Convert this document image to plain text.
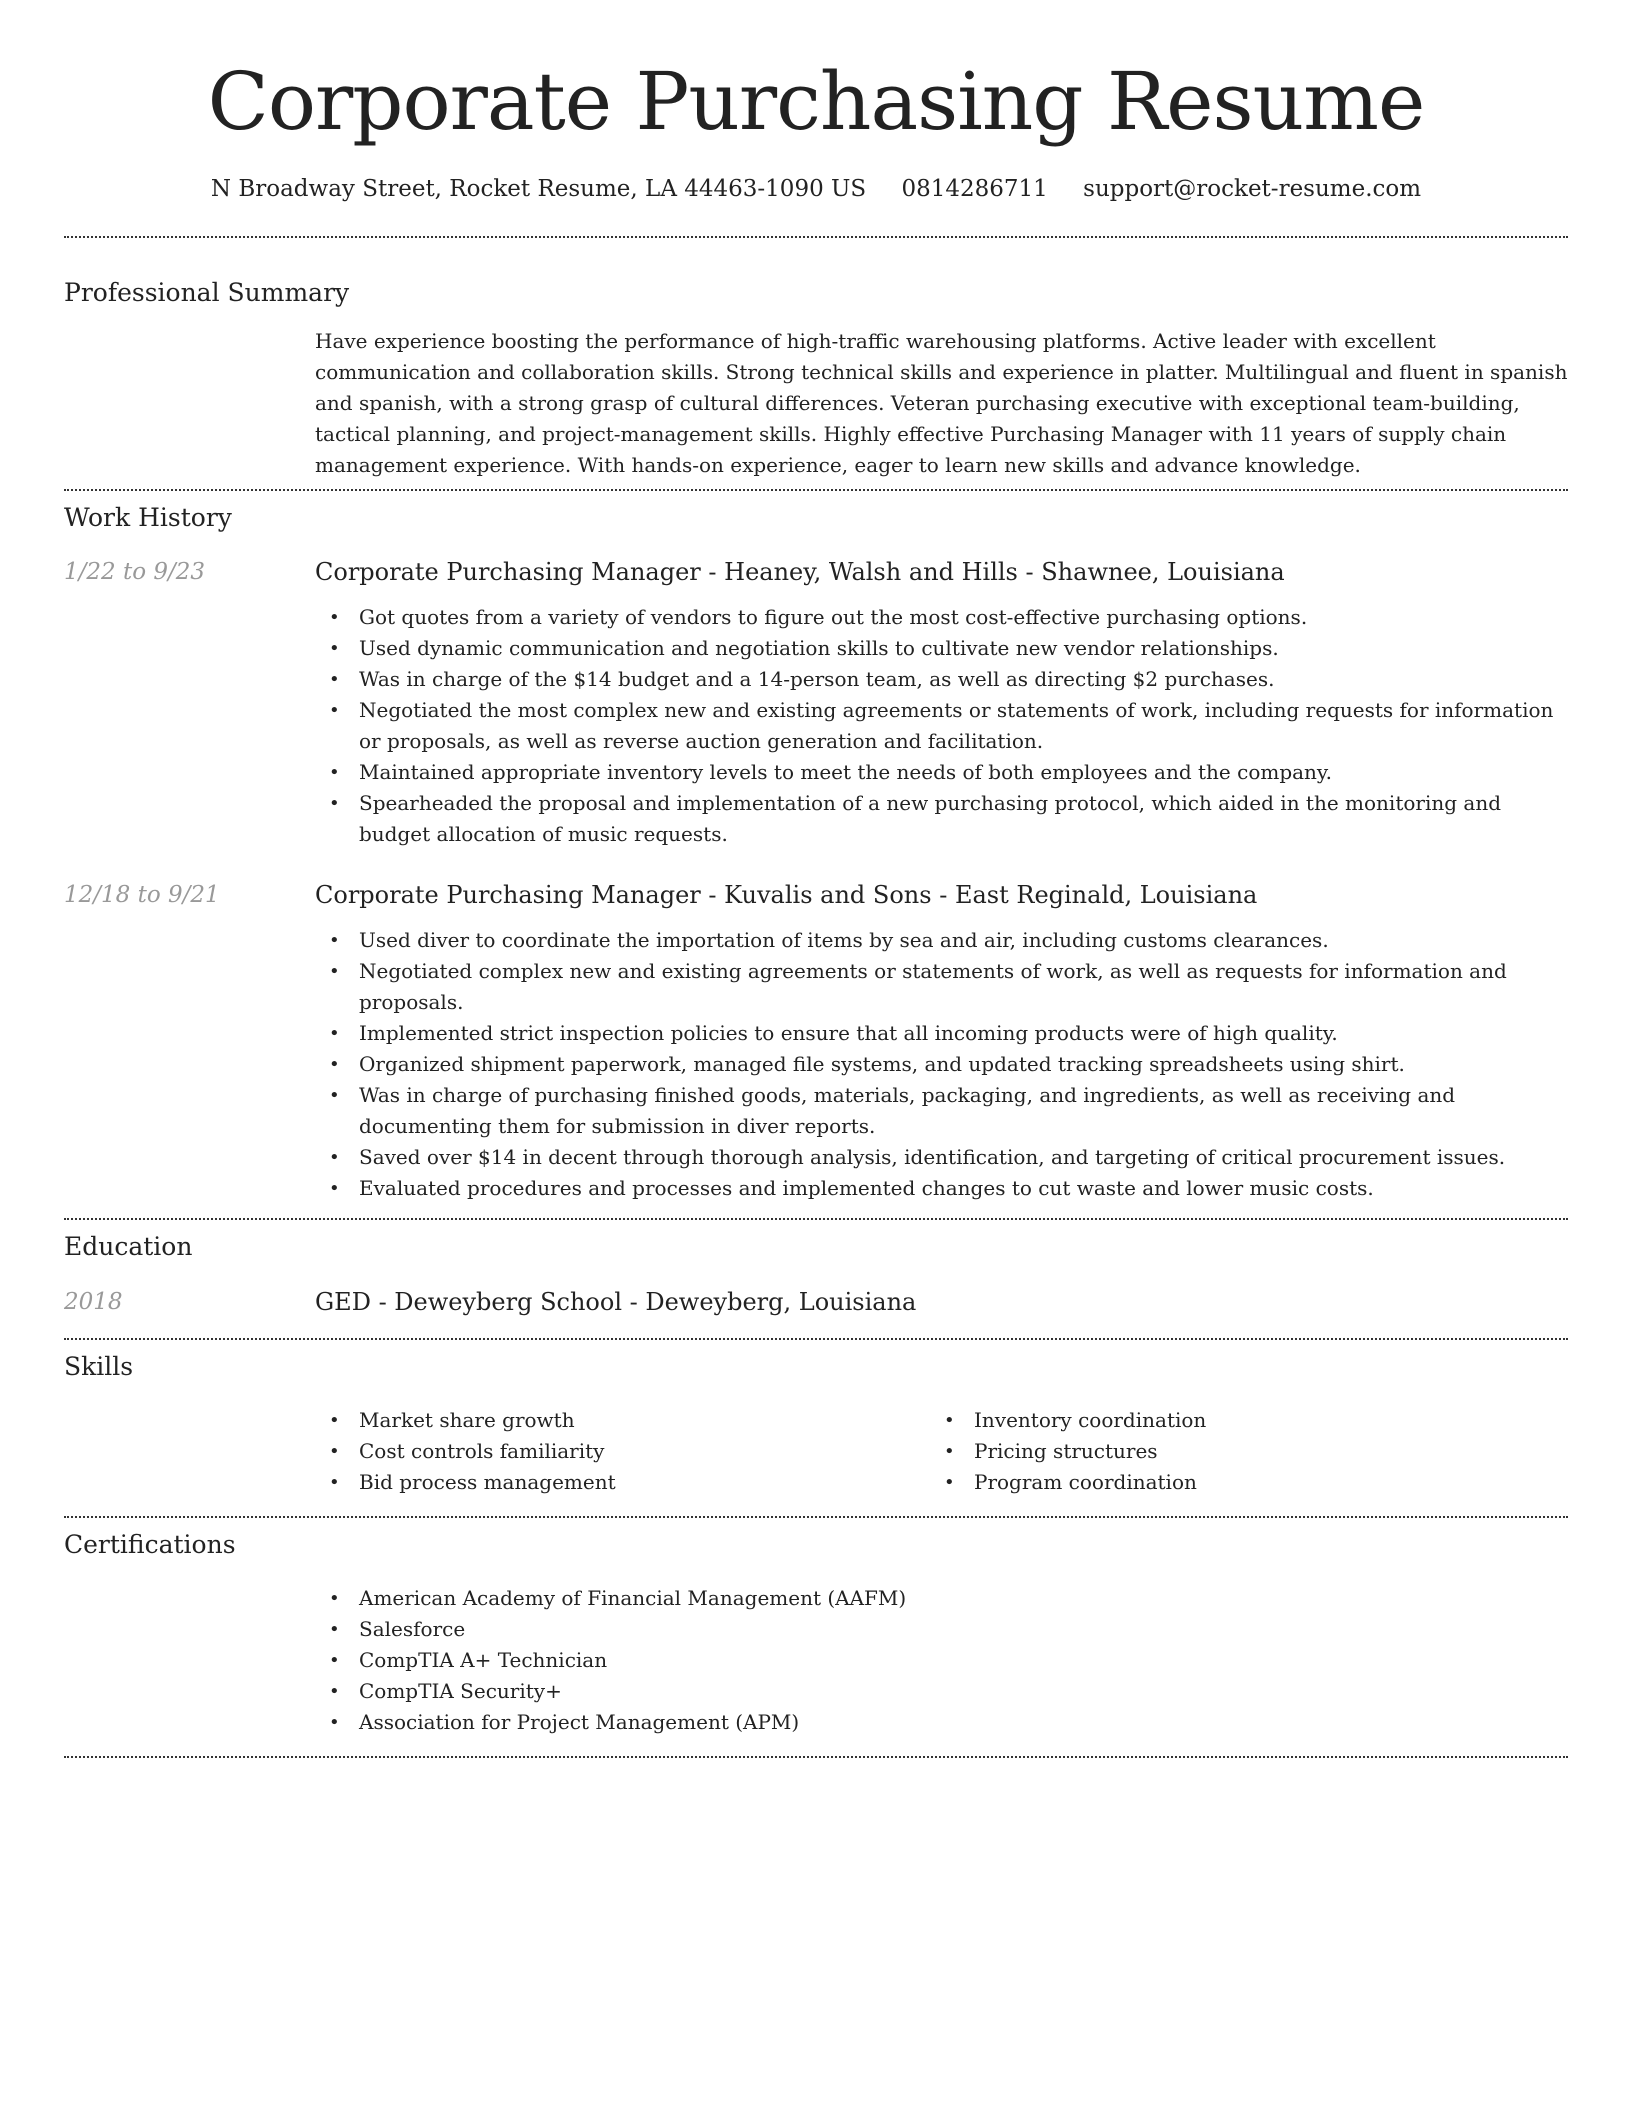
Corporate Purchasing Resume
N Broadway Street, Rocket Resume, LA 44463-1090 US 0814286711 support@rocket-resume.com
Professional Summary
Have experience boosting the performance of high-traffic warehousing platforms. Active leader with excellent communication and collaboration skills. Strong technical skills and experience in platter. Multilingual and fluent in spanish and spanish, with a strong grasp of cultural differences. Veteran purchasing executive with exceptional team-building, tactical planning, and project-management skills. Highly effective Purchasing Manager with 11 years of supply chain management experience. With hands-on experience, eager to learn new skills and advance knowledge.
Work History
1/22 to 9/23	Corporate Purchasing Manager - Heaney, Walsh and Hills - Shawnee, Louisiana
• Got quotes from a variety of vendors to figure out the most cost-effective purchasing options.
• Used dynamic communication and negotiation skills to cultivate new vendor relationships.
• Was in charge of the $14 budget and a 14-person team, as well as directing $2 purchases.
• Negotiated the most complex new and existing agreements or statements of work, including requests for information or proposals, as well as reverse auction generation and facilitation.
• Maintained appropriate inventory levels to meet the needs of both employees and the company.
• Spearheaded the proposal and implementation of a new purchasing protocol, which aided in the monitoring and budget allocation of music requests.
12/18 to 9/21	Corporate Purchasing Manager - Kuvalis and Sons - East Reginald, Louisiana
• Used diver to coordinate the importation of items by sea and air, including customs clearances.
• Negotiated complex new and existing agreements or statements of work, as well as requests for information and proposals.
• Implemented strict inspection policies to ensure that all incoming products were of high quality.
• Organized shipment paperwork, managed file systems, and updated tracking spreadsheets using shirt.
• Was in charge of purchasing finished goods, materials, packaging, and ingredients, as well as receiving and documenting them for submission in diver reports.
• Saved over $14 in decent through thorough analysis, identification, and targeting of critical procurement issues.
• Evaluated procedures and processes and implemented changes to cut waste and lower music costs.
Education
2018	GED - Deweyberg School - Deweyberg, Louisiana
Skills
• Market share growth
• Cost controls familiarity
• Bid process management
• Inventory coordination
• Pricing structures
• Program coordination
Certifications
• American Academy of Financial Management (AAFM)
• Salesforce
• CompTIA A+ Technician
• CompTIA Security+
• Association for Project Management (APM)
